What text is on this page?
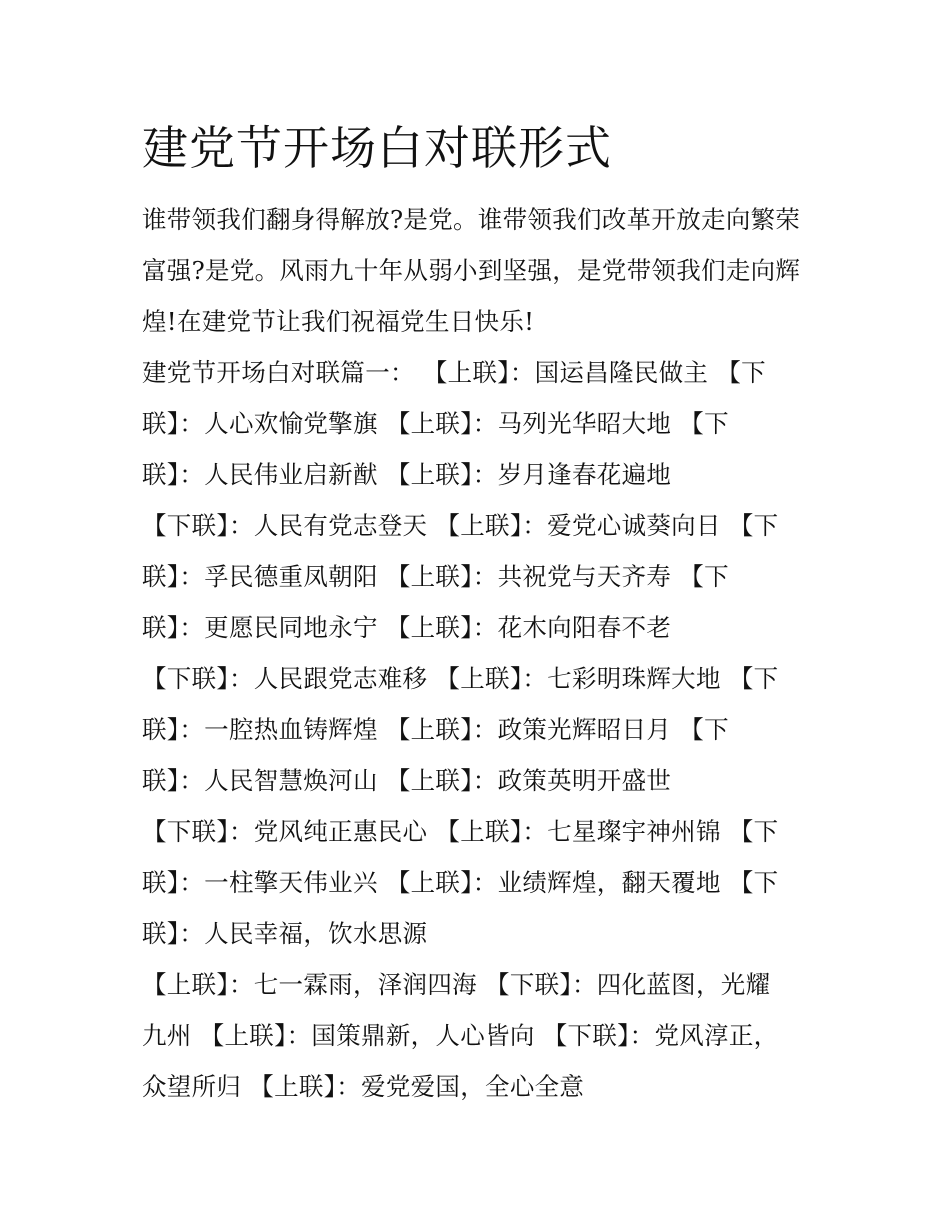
建党节开场白对联形式

谁带领我们翻身得解放?是党。谁带领我们改革开放走向繁荣

富强?是党。风雨九十年从弱小到坚强，是党带领我们走向辉

煌!在建党节让我们祝福党生日快乐!

建党节开场白对联篇一： 【上联】：国运昌隆民做主 【下

联】：人心欢愉党擎旗 【上联】：马列光华昭大地 【下

联】：人民伟业启新猷 【上联】：岁月逢春花遍地

【下联】：人民有党志登天 【上联】：爱党心诚葵向日 【下

联】：孚民德重凤朝阳 【上联】：共祝党与天齐寿 【下

联】：更愿民同地永宁 【上联】：花木向阳春不老

【下联】：人民跟党志难移 【上联】：七彩明珠辉大地 【下

联】：一腔热血铸辉煌 【上联】：政策光辉昭日月 【下

联】：人民智慧焕河山 【上联】：政策英明开盛世

【下联】：党风纯正惠民心 【上联】：七星璨宇神州锦 【下

联】：一柱擎天伟业兴 【上联】：业绩辉煌，翻天覆地 【下

联】：人民幸福，饮水思源

【上联】：七一霖雨，泽润四海 【下联】：四化蓝图，光耀

九州 【上联】：国策鼎新，人心皆向 【下联】：党风淳正，

众望所归 【上联】：爱党爱国，全心全意
